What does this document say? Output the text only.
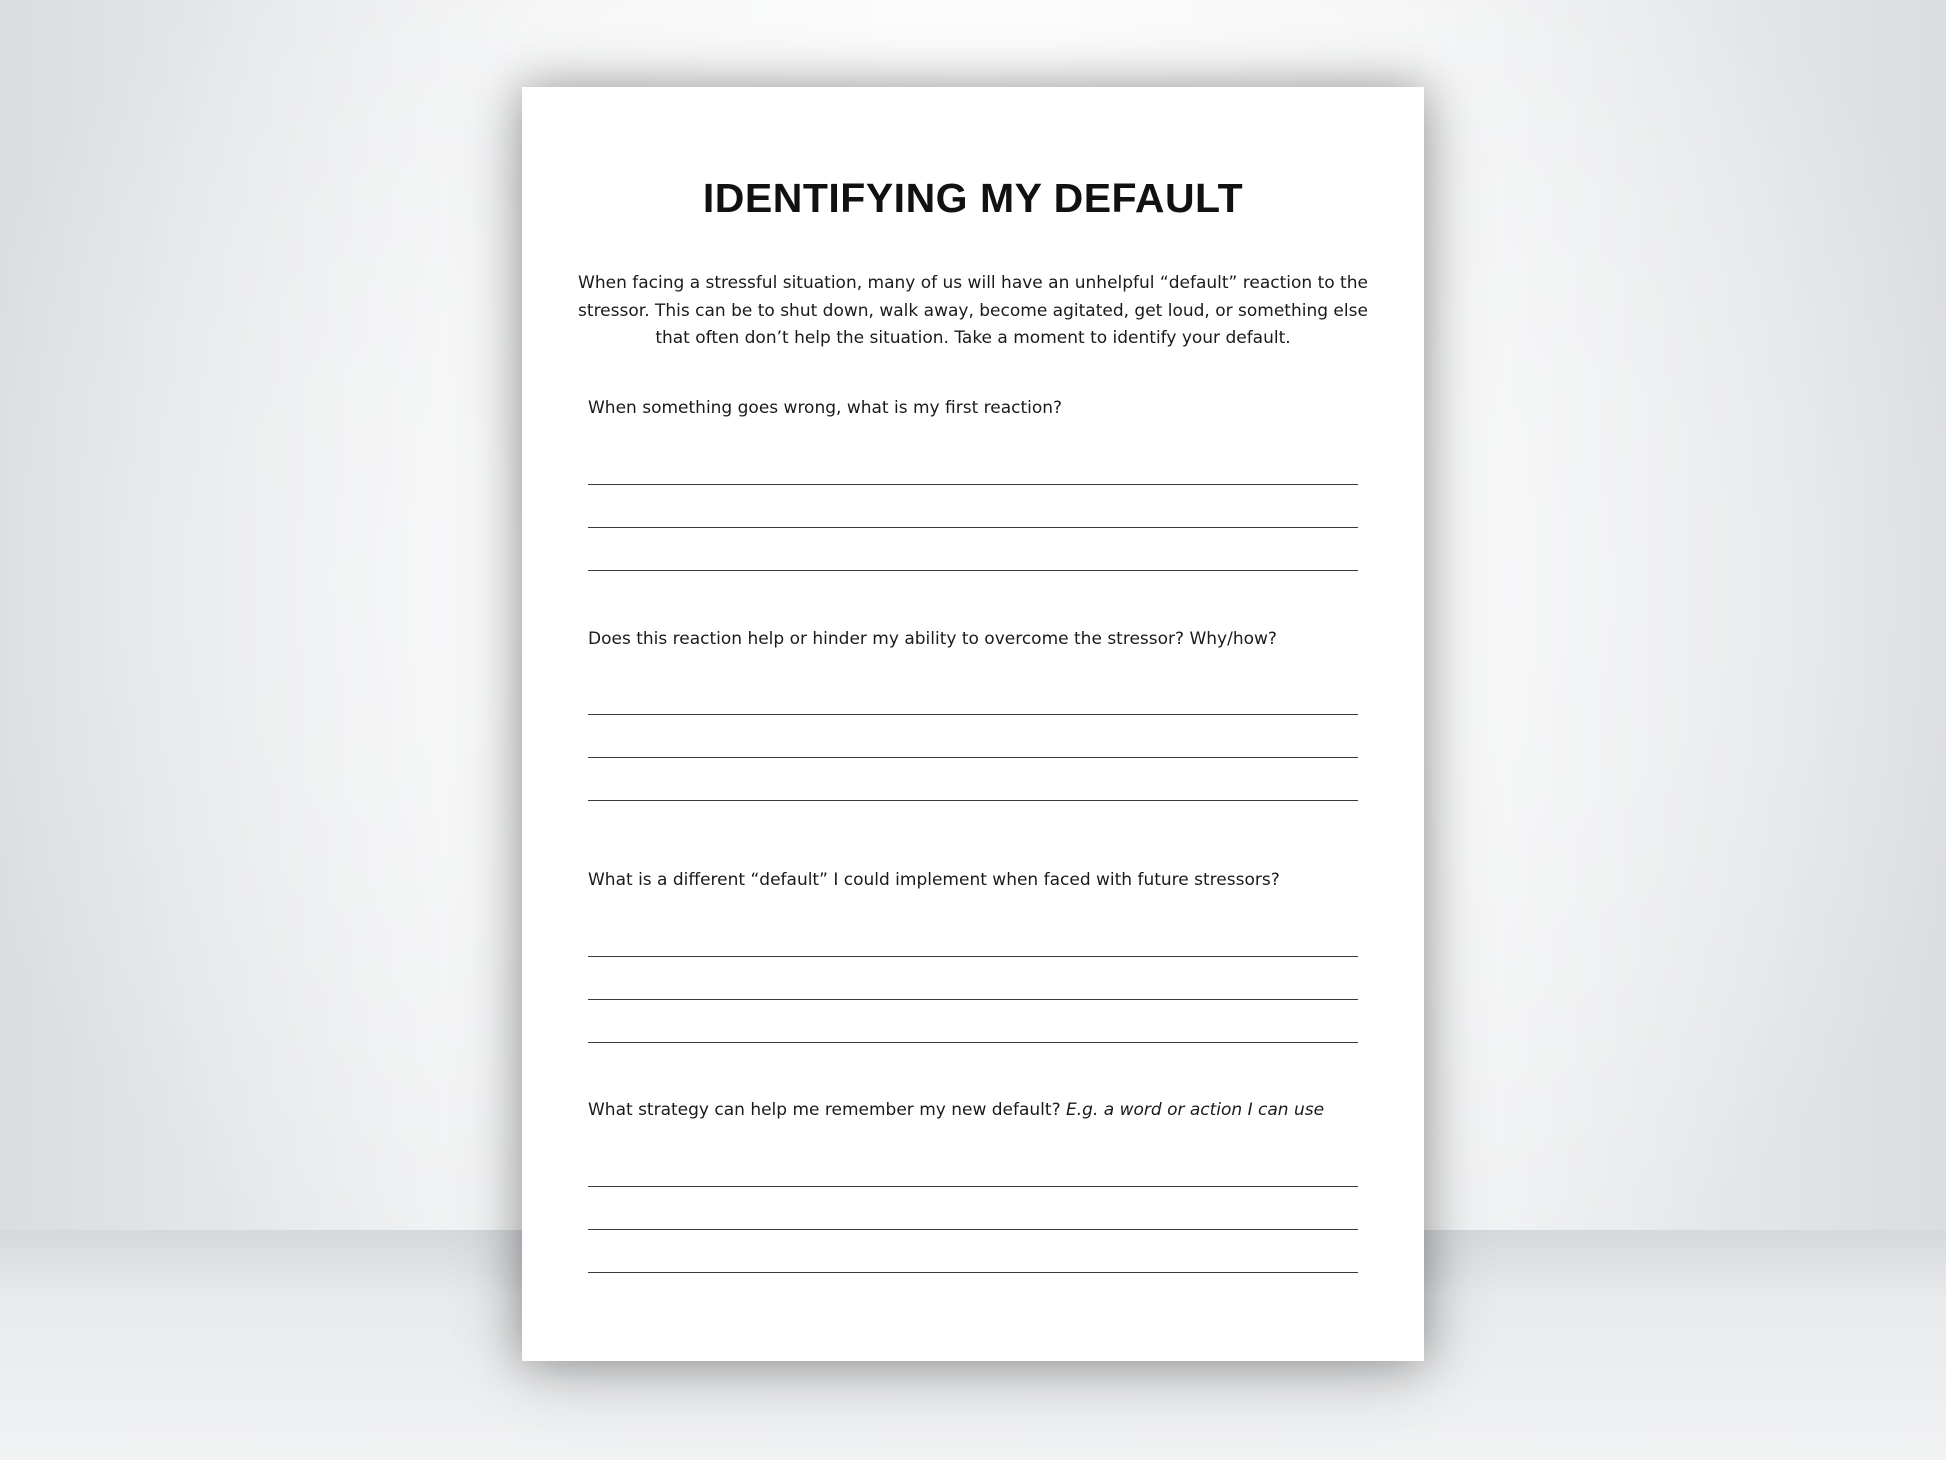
IDENTIFYING MY DEFAULT

When facing a stressful situation, many of us will have an unhelpful “default” reaction to the stressor. This can be to shut down, walk away, become agitated, get loud, or something else that often don’t help the situation. Take a moment to identify your default.

When something goes wrong, what is my first reaction?

Does this reaction help or hinder my ability to overcome the stressor? Why/how?

What is a different “default” I could implement when faced with future stressors?

What strategy can help me remember my new default? E.g. a word or action I can use
